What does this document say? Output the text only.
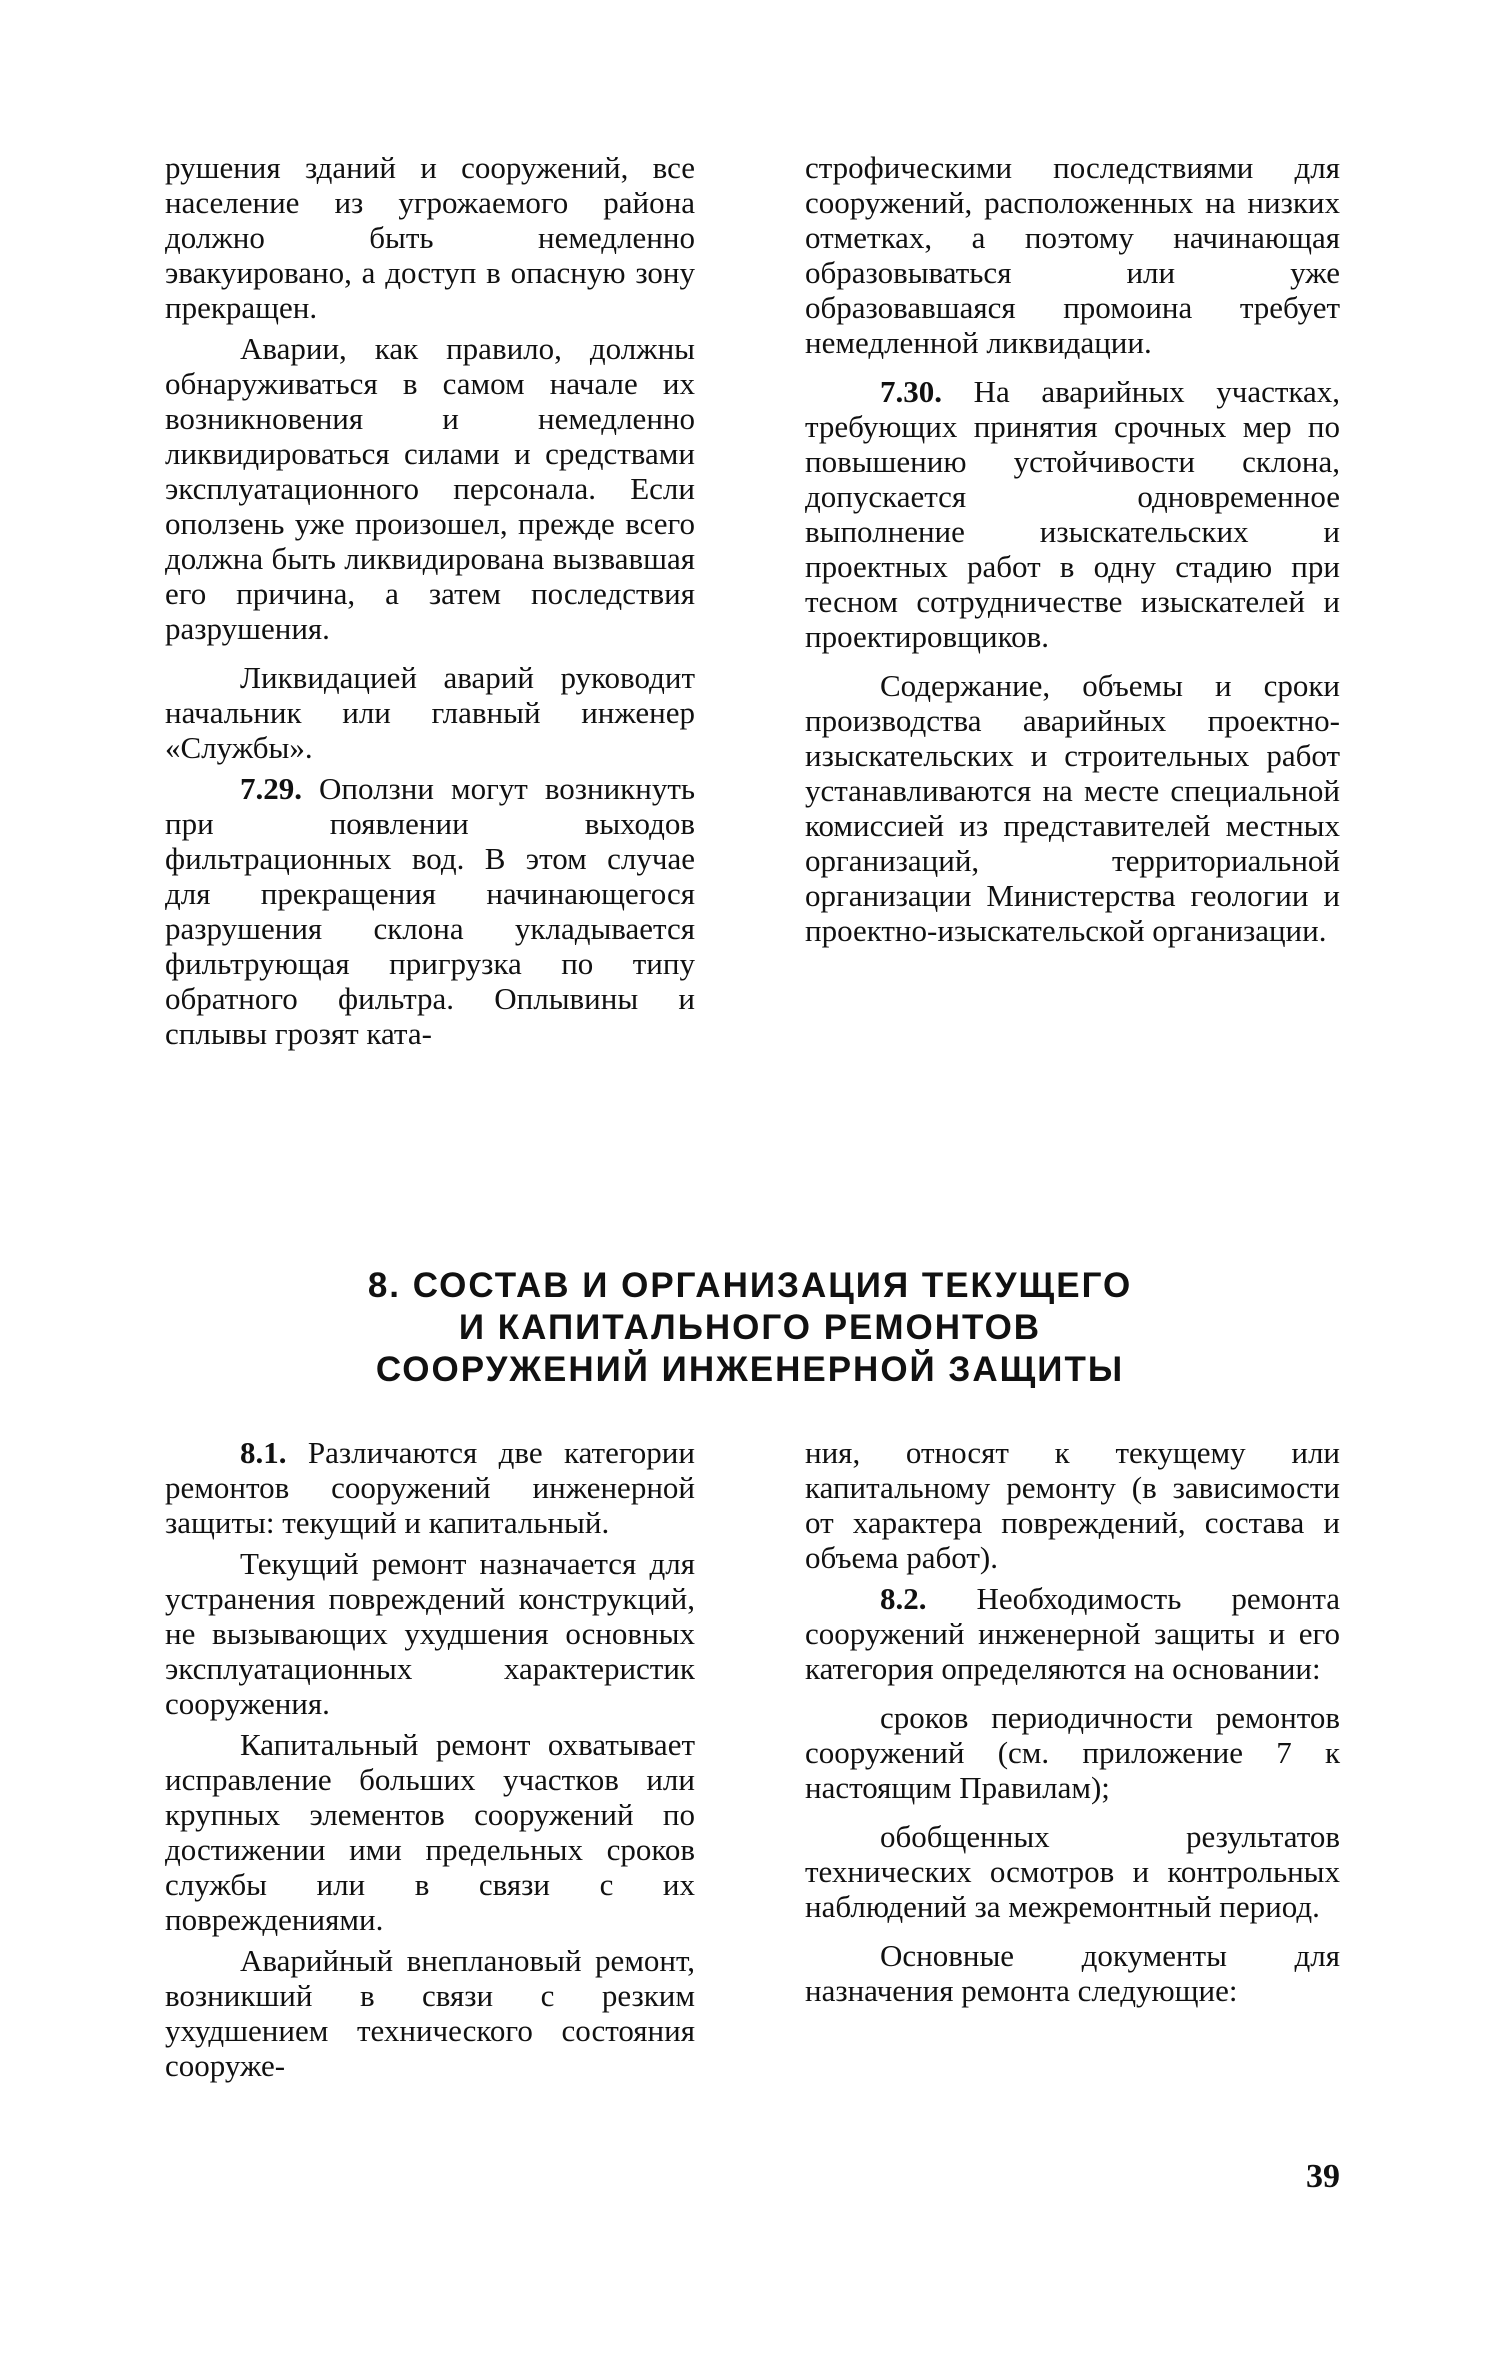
рушения зданий и сооружений, все население из угрожаемого района должно быть немедленно эвакуировано, а доступ в опасную зону прекращен.

Аварии, как правило, должны обнаруживаться в самом начале их возникновения и немедленно ликвидироваться силами и средствами эксплуатационного персонала. Если оползень уже произошел, прежде всего должна быть ликвидирована вызвавшая его причина, а затем последствия разрушения.

Ликвидацией аварий руководит начальник или главный инженер «Службы».

7.29. Оползни могут возникнуть при появлении выходов фильтрационных вод. В этом случае для прекращения начинающегося разрушения склона укладывается фильтрующая пригрузка по типу обратного фильтра. Оплывины и сплывы грозят ката-

строфическими последствиями для сооружений, расположенных на низких отметках, а поэтому начинающая образовываться или уже образовавшаяся промоина требует немедленной ликвидации.

7.30. На аварийных участках, требующих принятия срочных мер по повышению устойчивости склона, допускается одновременное выполнение изыскательских и проектных работ в одну стадию при тесном сотрудничестве изыскателей и проектировщиков.

Содержание, объемы и сроки производства аварийных проектно-изыскательских и строительных работ устанавливаются на месте специальной комиссией из представителей местных организаций, территориальной организации Министерства геологии и проектно-изыскательской организации.

8. СОСТАВ И ОРГАНИЗАЦИЯ ТЕКУЩЕГО
И КАПИТАЛЬНОГО РЕМОНТОВ
СООРУЖЕНИЙ ИНЖЕНЕРНОЙ ЗАЩИТЫ

8.1. Различаются две категории ремонтов сооружений инженерной защиты: текущий и капитальный.

Текущий ремонт назначается для устранения повреждений конструкций, не вызывающих ухудшения основных эксплуатационных характеристик сооружения.

Капитальный ремонт охватывает исправление больших участков или крупных элементов сооружений по достижении ими предельных сроков службы или в связи с их повреждениями.

Аварийный внеплановый ремонт, возникший в связи с резким ухудшением технического состояния сооруже-

ния, относят к текущему или капитальному ремонту (в зависимости от характера повреждений, состава и объема работ).

8.2. Необходимость ремонта сооружений инженерной защиты и его категория определяются на основании:

сроков периодичности ремонтов сооружений (см. приложение 7 к настоящим Правилам);

обобщенных результатов технических осмотров и контрольных наблюдений за межремонтный период.

Основные документы для назначения ремонта следующие:

39
